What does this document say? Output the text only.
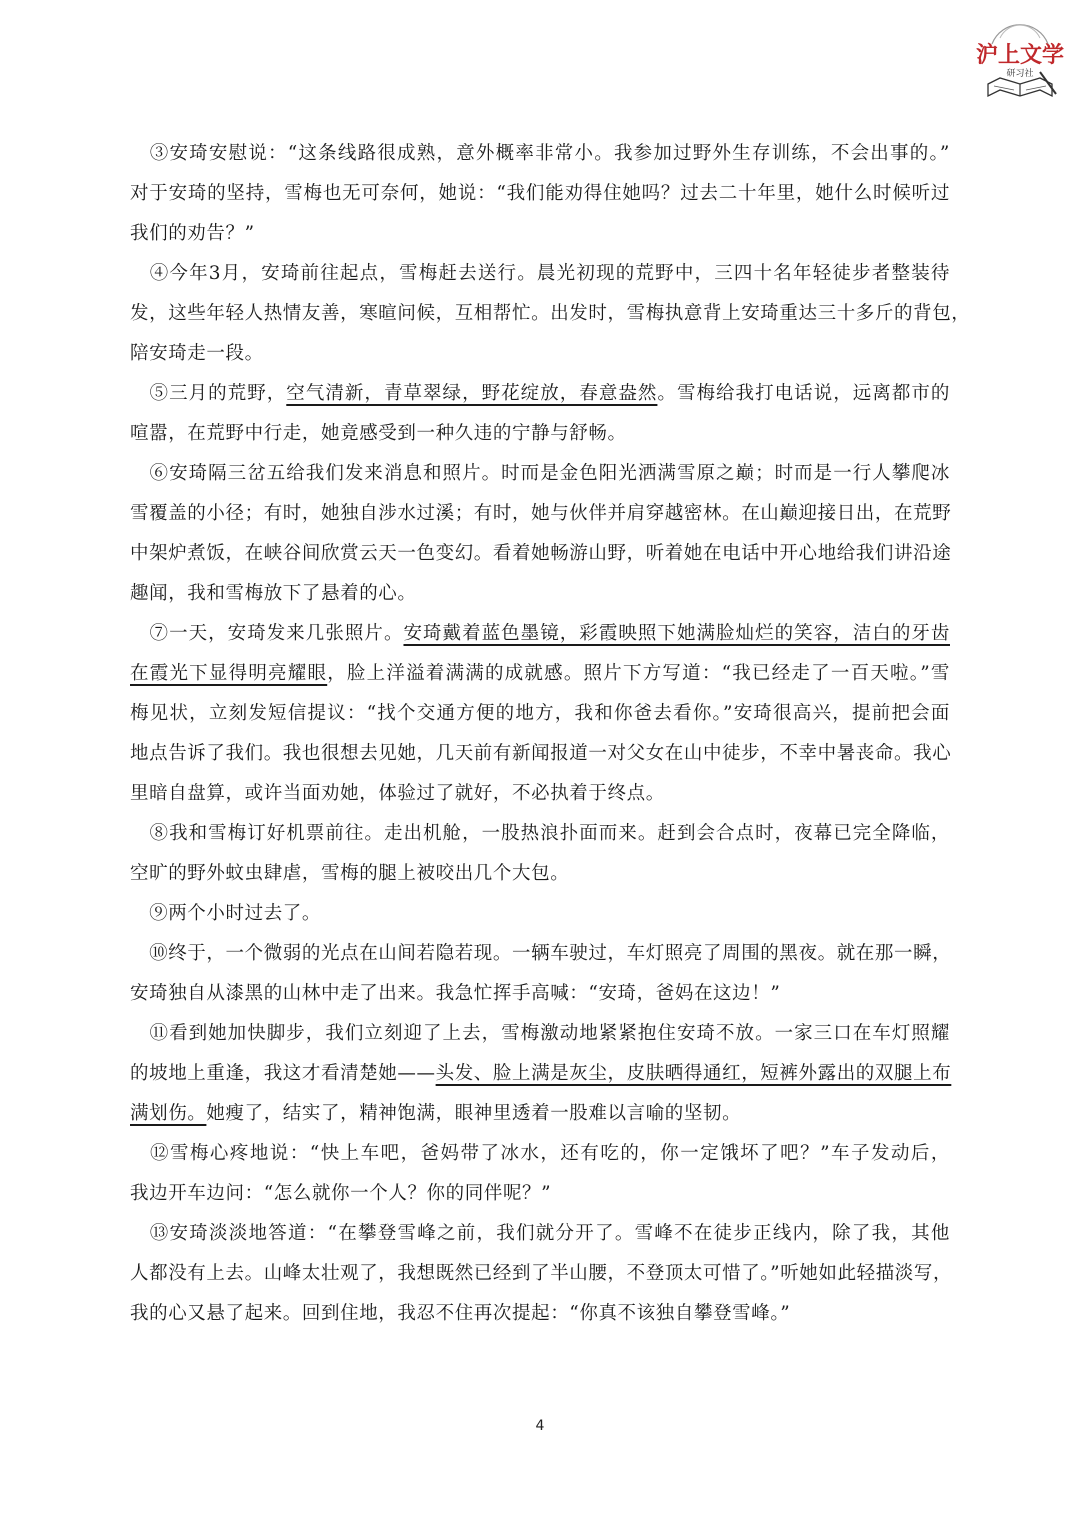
沪上文学
研习社
　③安琦安慰说：“这条线路很成熟，意外概率非常小。我参加过野外生存训练，不会出事的。”
对于安琦的坚持，雪梅也无可奈何，她说：“我们能劝得住她吗？过去二十年里，她什么时候听过
我们的劝告？”
　④今年3月，安琦前往起点，雪梅赶去送行。晨光初现的荒野中，三四十名年轻徒步者整装待
发，这些年轻人热情友善，寒暄问候，互相帮忙。出发时，雪梅执意背上安琦重达三十多斤的背包，
陪安琦走一段。
　⑤三月的荒野，空气清新，青草翠绿，野花绽放，春意盎然。雪梅给我打电话说，远离都市的
喧嚣，在荒野中行走，她竟感受到一种久违的宁静与舒畅。
　⑥安琦隔三岔五给我们发来消息和照片。时而是金色阳光洒满雪原之巅；时而是一行人攀爬冰
雪覆盖的小径；有时，她独自涉水过溪；有时，她与伙伴并肩穿越密林。在山巅迎接日出，在荒野
中架炉煮饭，在峡谷间欣赏云天一色变幻。看着她畅游山野，听着她在电话中开心地给我们讲沿途
趣闻，我和雪梅放下了悬着的心。
　⑦一天，安琦发来几张照片。安琦戴着蓝色墨镜，彩霞映照下她满脸灿烂的笑容，洁白的牙齿
在霞光下显得明亮耀眼，脸上洋溢着满满的成就感。照片下方写道：“我已经走了一百天啦。”雪
梅见状，立刻发短信提议：“找个交通方便的地方，我和你爸去看你。”安琦很高兴，提前把会面
地点告诉了我们。我也很想去见她，几天前有新闻报道一对父女在山中徒步，不幸中暑丧命。我心
里暗自盘算，或许当面劝她，体验过了就好，不必执着于终点。
　⑧我和雪梅订好机票前往。走出机舱，一股热浪扑面而来。赶到会合点时，夜幕已完全降临，
空旷的野外蚊虫肆虐，雪梅的腿上被咬出几个大包。
　⑨两个小时过去了。
　⑩终于，一个微弱的光点在山间若隐若现。一辆车驶过，车灯照亮了周围的黑夜。就在那一瞬，
安琦独自从漆黑的山林中走了出来。我急忙挥手高喊：“安琦，爸妈在这边！”
　⑪看到她加快脚步，我们立刻迎了上去，雪梅激动地紧紧抱住安琦不放。一家三口在车灯照耀
的坡地上重逢，我这才看清楚她——头发、脸上满是灰尘，皮肤晒得通红，短裤外露出的双腿上布
满划伤。她瘦了，结实了，精神饱满，眼神里透着一股难以言喻的坚韧。
　⑫雪梅心疼地说：“快上车吧，爸妈带了冰水，还有吃的，你一定饿坏了吧？”车子发动后，
我边开车边问：“怎么就你一个人？你的同伴呢？”
　⑬安琦淡淡地答道：“在攀登雪峰之前，我们就分开了。雪峰不在徒步正线内，除了我，其他
人都没有上去。山峰太壮观了，我想既然已经到了半山腰，不登顶太可惜了。”听她如此轻描淡写，
我的心又悬了起来。回到住地，我忍不住再次提起：“你真不该独自攀登雪峰。”
4
